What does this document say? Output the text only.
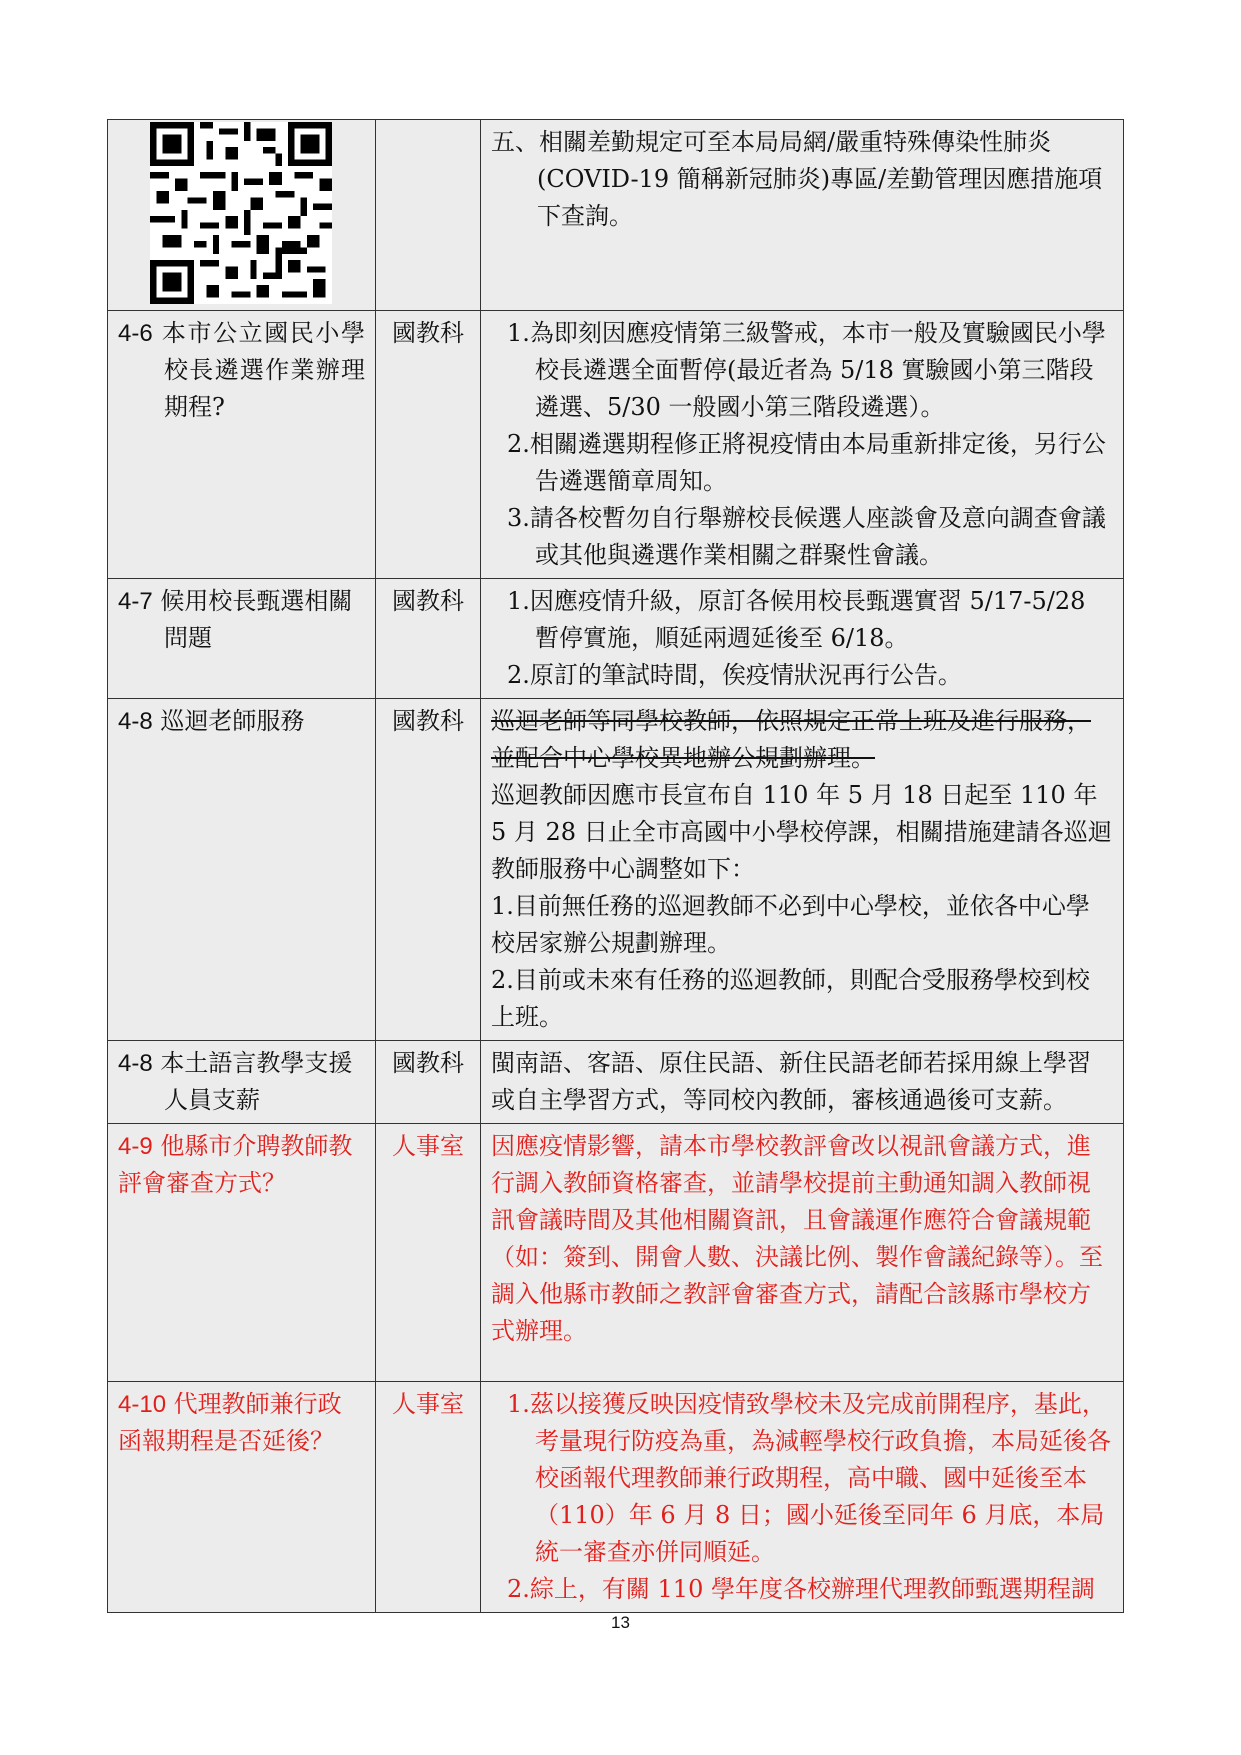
五、相關差勤規定可至本局局網/嚴重特殊傳染性肺炎(COVID-19 簡稱新冠肺炎)專區/差勤管理因應措施項下查詢。

4-6 本市公立國民小學校長遴選作業辦理期程?	國教科	1.為即刻因應疫情第三級警戒，本市一般及實驗國民小學校長遴選全面暫停(最近者為 5/18 實驗國小第三階段遴選、5/30 一般國小第三階段遴選）。

2.相關遴選期程修正將視疫情由本局重新排定後，另行公告遴選簡章周知。

3.請各校暫勿自行舉辦校長候選人座談會及意向調查會議或其他與遴選作業相關之群聚性會議。

4-7 候用校長甄選相關問題	國教科	1.因應疫情升級，原訂各候用校長甄選實習 5/17-5/28 暫停實施，順延兩週延後至 6/18。

2.原訂的筆試時間，俟疫情狀況再行公告。

4-8 巡迴老師服務	國教科	巡迴老師等同學校教師，依照規定正常上班及進行服務，並配合中心學校異地辦公規劃辦理。

巡迴教師因應市長宣布自 110 年 5 月 18 日起至 110 年 5 月 28 日止全市高國中小學校停課，相關措施建請各巡迴教師服務中心調整如下：

1.目前無任務的巡迴教師不必到中心學校，並依各中心學校居家辦公規劃辦理。

2.目前或未來有任務的巡迴教師，則配合受服務學校到校上班。

4-8 本土語言教學支援人員支薪	國教科	閩南語、客語、原住民語、新住民語老師若採用線上學習或自主學習方式，等同校內教師，審核通過後可支薪。

4-9 他縣市介聘教師教評會審查方式？	人事室	因應疫情影響，請本市學校教評會改以視訊會議方式，進行調入教師資格審查，並請學校提前主動通知調入教師視訊會議時間及其他相關資訊，且會議運作應符合會議規範（如：簽到、開會人數、決議比例、製作會議紀錄等）。至調入他縣市教師之教評會審查方式，請配合該縣市學校方式辦理。

4-10 代理教師兼行政函報期程是否延後？	人事室	1.茲以接獲反映因疫情致學校未及完成前開程序，基此，考量現行防疫為重，為減輕學校行政負擔，本局延後各校函報代理教師兼行政期程，高中職、國中延後至本（110）年 6 月 8 日；國小延後至同年 6 月底，本局統一審查亦併同順延。

2.綜上，有關 110 學年度各校辦理代理教師甄選期程調

13
